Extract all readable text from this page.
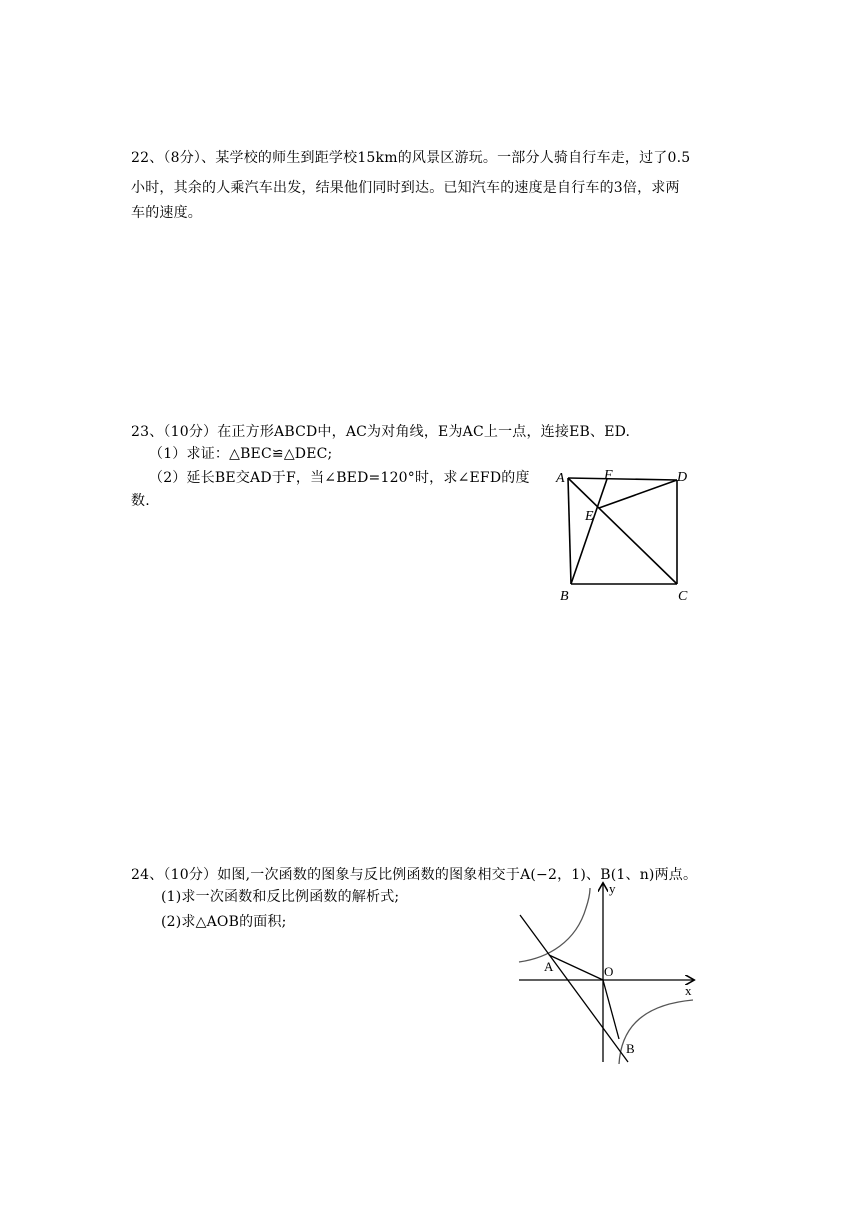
22、（8分）、某学校的师生到距学校15km的风景区游玩。一部分人骑自行车走，过了0.5
小时，其余的人乘汽车出发，结果他们同时到达。已知汽车的速度是自行车的3倍，求两
车的速度。
23、（10分）在正方形ABCD中，AC为对角线，E为AC上一点，连接EB、ED.
（1）求证：△BEC≌△DEC;
（2）延长BE交AD于F，当∠BED=120°时，求∠EFD的度
数.
A	F	D
E
B	C
24、（10分）如图,一次函数的图象与反比例函数的图象相交于A(−2，1)、B(1、n)两点。
(1)求一次函数和反比例函数的解析式;
(2)求△AOB的面积;
y
x
O
A
B
